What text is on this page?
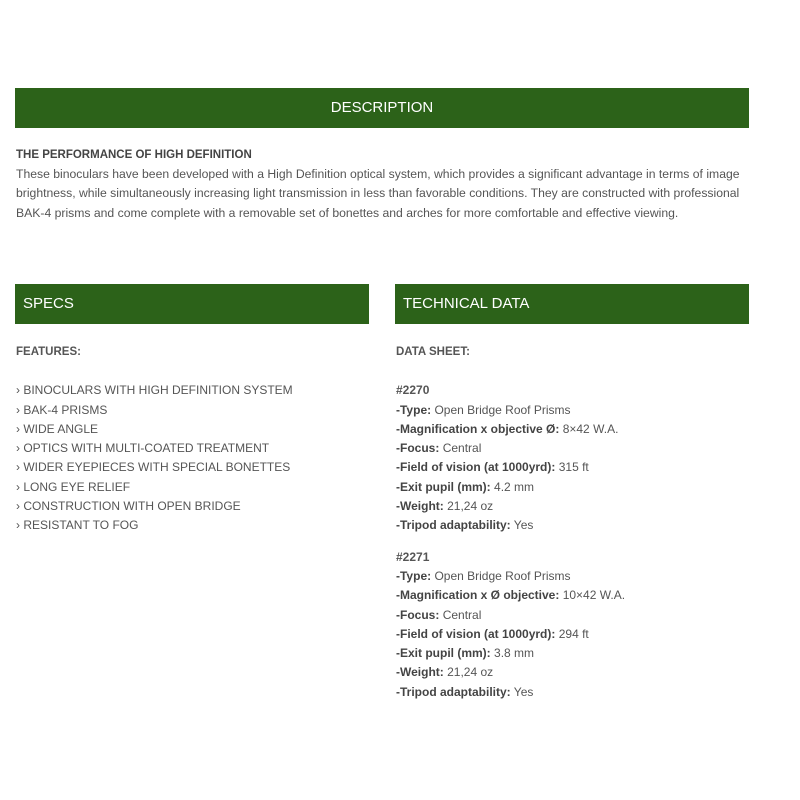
DESCRIPTION
THE PERFORMANCE OF HIGH DEFINITION
These binoculars have been developed with a High Definition optical system, which provides a significant advantage in terms of image brightness, while simultaneously increasing light transmission in less than favorable conditions. They are constructed with professional BAK-4 prisms and come complete with a removable set of bonettes and arches for more comfortable and effective viewing.
SPECS
FEATURES:
› BINOCULARS WITH HIGH DEFINITION SYSTEM
› BAK-4 PRISMS
› WIDE ANGLE
› OPTICS WITH MULTI-COATED TREATMENT
› WIDER EYEPIECES WITH SPECIAL BONETTES
› LONG EYE RELIEF
› CONSTRUCTION WITH OPEN BRIDGE
› RESISTANT TO FOG
TECHNICAL DATA
DATA SHEET:
#2270
-Type: Open Bridge Roof Prisms
-Magnification x objective Ø: 8×42 W.A.
-Focus: Central
-Field of vision (at 1000yrd): 315 ft
-Exit pupil (mm): 4.2 mm
-Weight: 21,24 oz
-Tripod adaptability: Yes
#2271
-Type: Open Bridge Roof Prisms
-Magnification x Ø objective: 10×42 W.A.
-Focus: Central
-Field of vision (at 1000yrd): 294 ft
-Exit pupil (mm): 3.8 mm
-Weight: 21,24 oz
-Tripod adaptability: Yes
